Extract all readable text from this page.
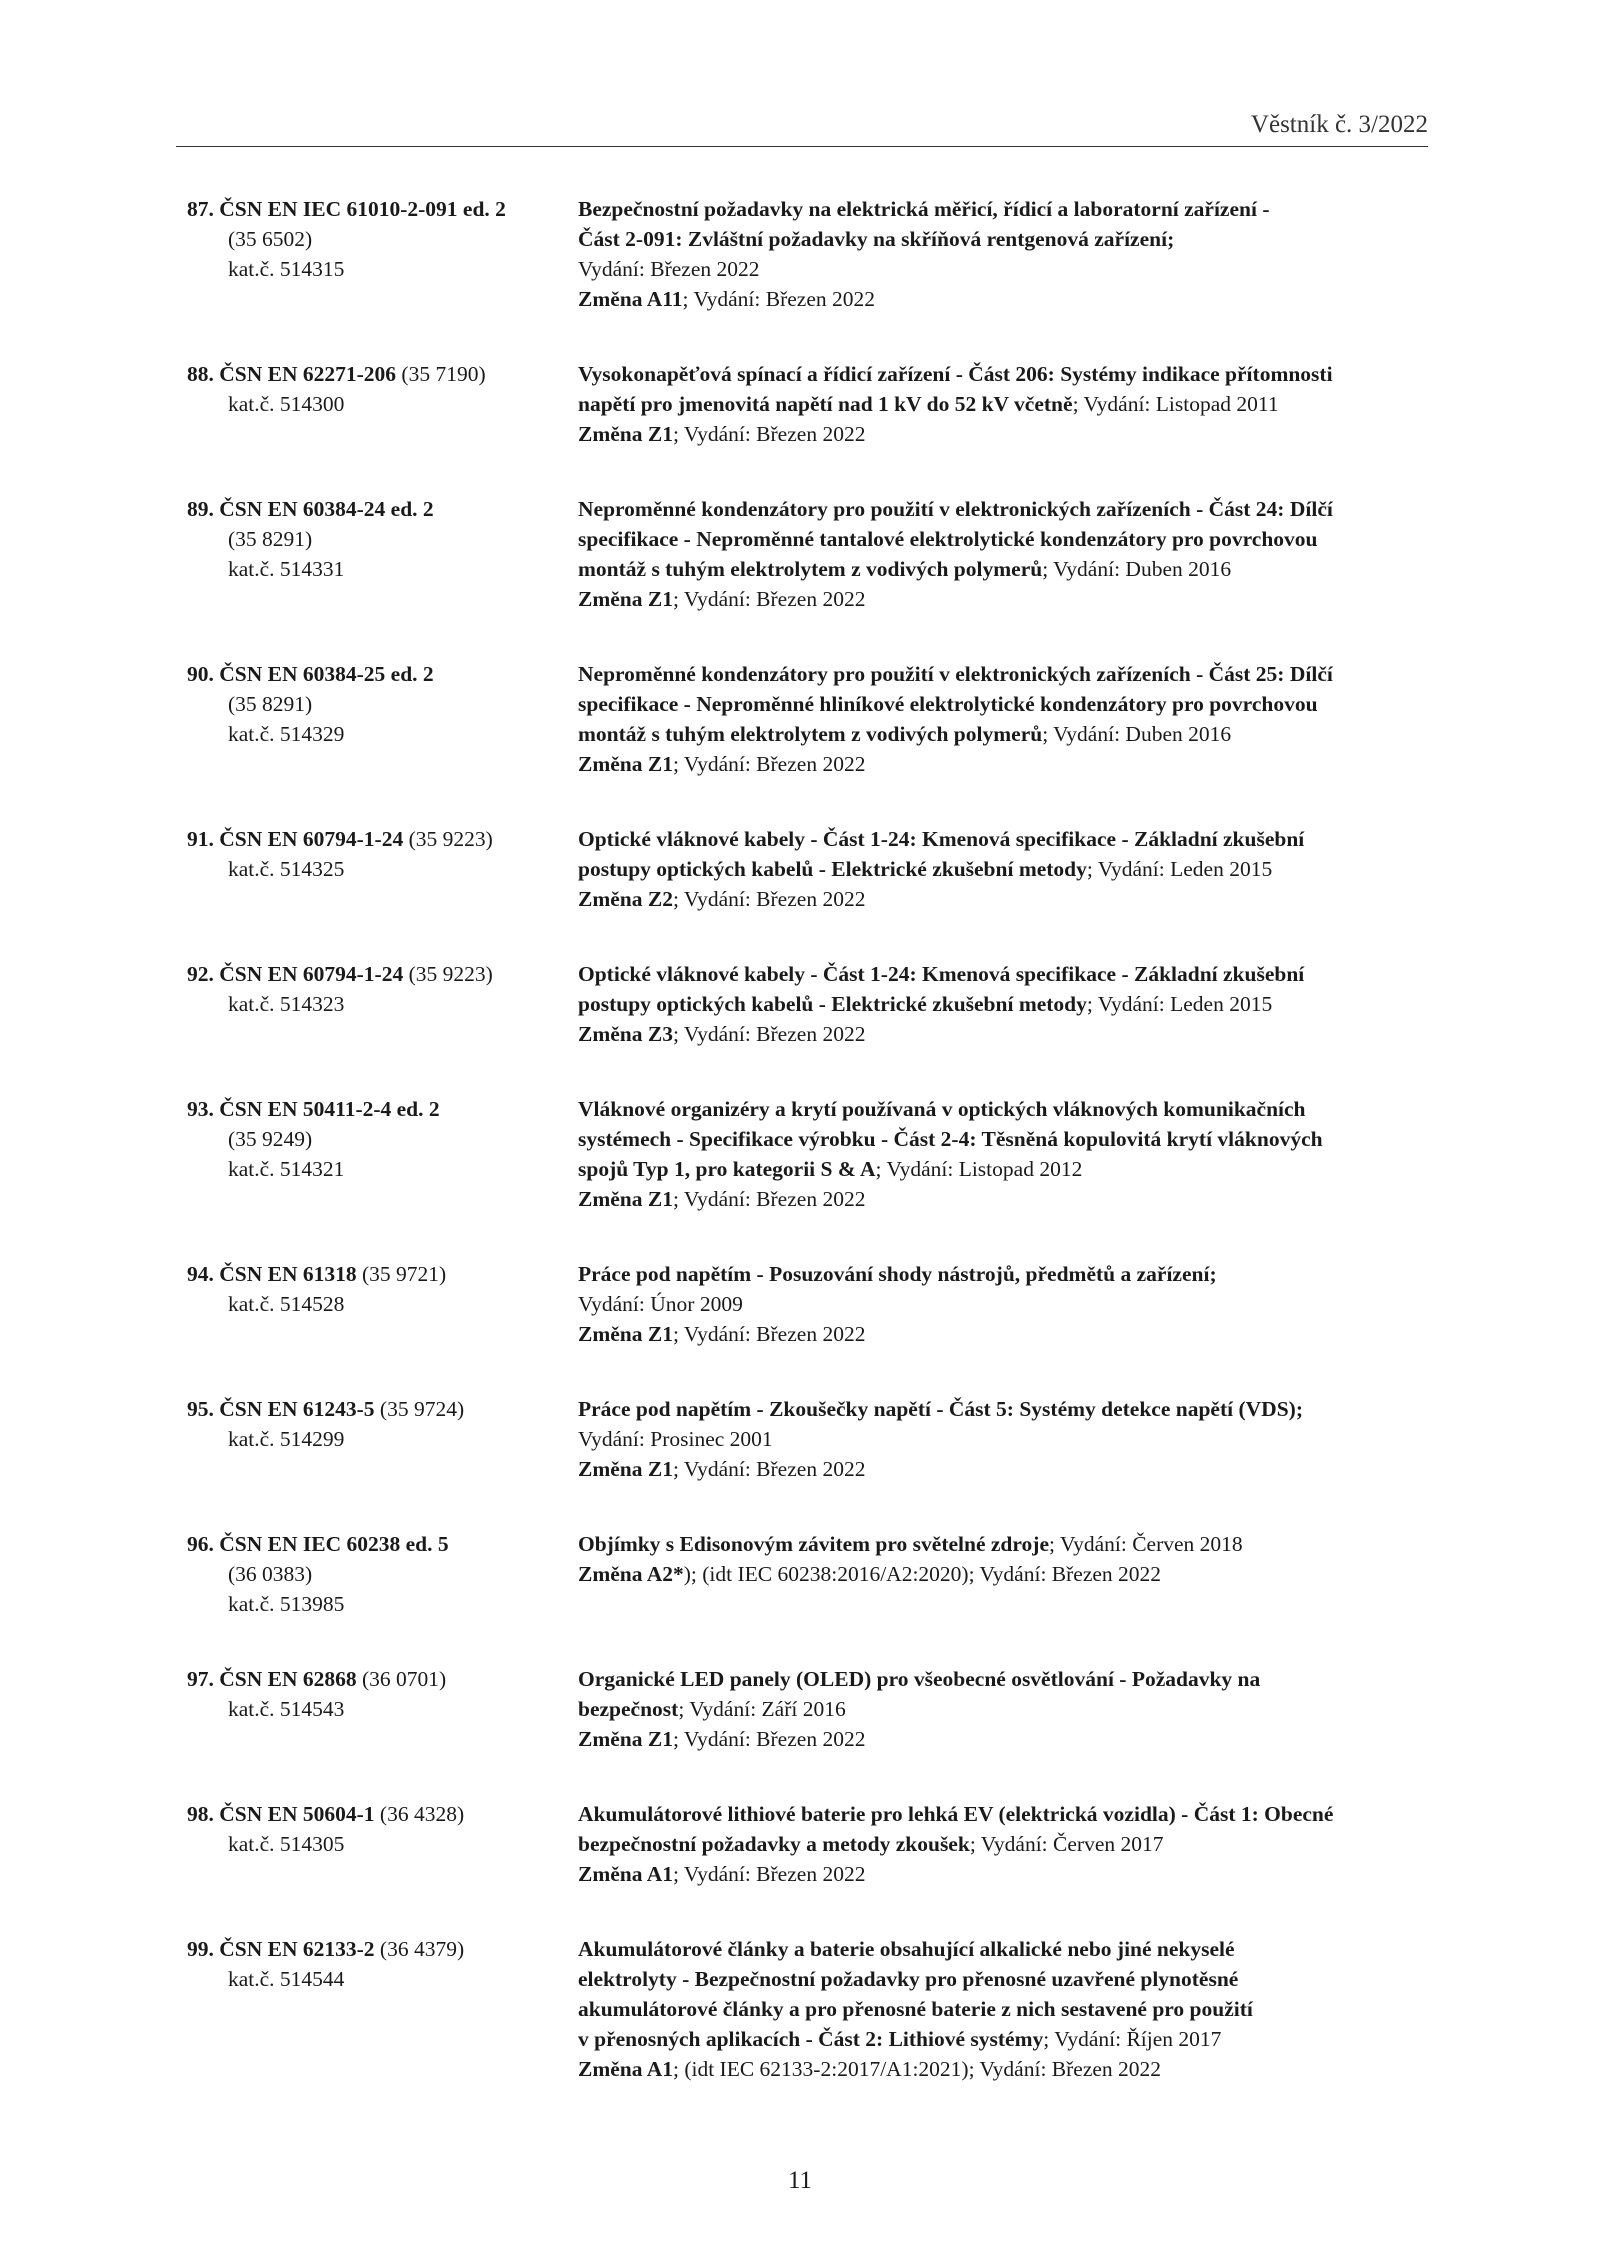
Věstník č. 3/2022
87. ČSN EN IEC 61010-2-091 ed. 2
(35 6502)
kat.č. 514315
Bezpečnostní požadavky na elektrická měřicí, řídicí a laboratorní zařízení -
Část 2-091: Zvláštní požadavky na skříňová rentgenová zařízení;
Vydání: Březen 2022
Změna A11; Vydání: Březen 2022
88. ČSN EN 62271-206 (35 7190)
kat.č. 514300
Vysokonapěťová spínací a řídicí zařízení - Část 206: Systémy indikace přítomnosti
napětí pro jmenovitá napětí nad 1 kV do 52 kV včetně; Vydání: Listopad 2011
Změna Z1; Vydání: Březen 2022
89. ČSN EN 60384-24 ed. 2
(35 8291)
kat.č. 514331
Neproměnné kondenzátory pro použití v elektronických zařízeních - Část 24: Dílčí
specifikace - Neproměnné tantalové elektrolytické kondenzátory pro povrchovou
montáž s tuhým elektrolytem z vodivých polymerů; Vydání: Duben 2016
Změna Z1; Vydání: Březen 2022
90. ČSN EN 60384-25 ed. 2
(35 8291)
kat.č. 514329
Neproměnné kondenzátory pro použití v elektronických zařízeních - Část 25: Dílčí
specifikace - Neproměnné hliníkové elektrolytické kondenzátory pro povrchovou
montáž s tuhým elektrolytem z vodivých polymerů; Vydání: Duben 2016
Změna Z1; Vydání: Březen 2022
91. ČSN EN 60794-1-24 (35 9223)
kat.č. 514325
Optické vláknové kabely - Část 1-24: Kmenová specifikace - Základní zkušební
postupy optických kabelů - Elektrické zkušební metody; Vydání: Leden 2015
Změna Z2; Vydání: Březen 2022
92. ČSN EN 60794-1-24 (35 9223)
kat.č. 514323
Optické vláknové kabely - Část 1-24: Kmenová specifikace - Základní zkušební
postupy optických kabelů - Elektrické zkušební metody; Vydání: Leden 2015
Změna Z3; Vydání: Březen 2022
93. ČSN EN 50411-2-4 ed. 2
(35 9249)
kat.č. 514321
Vláknové organizéry a krytí používaná v optických vláknových komunikačních
systémech - Specifikace výrobku - Část 2-4: Těsněná kopulovitá krytí vláknových
spojů Typ 1, pro kategorii S & A; Vydání: Listopad 2012
Změna Z1; Vydání: Březen 2022
94. ČSN EN 61318 (35 9721)
kat.č. 514528
Práce pod napětím - Posuzování shody nástrojů, předmětů a zařízení;
Vydání: Únor 2009
Změna Z1; Vydání: Březen 2022
95. ČSN EN 61243-5 (35 9724)
kat.č. 514299
Práce pod napětím - Zkoušečky napětí - Část 5: Systémy detekce napětí (VDS);
Vydání: Prosinec 2001
Změna Z1; Vydání: Březen 2022
96. ČSN EN IEC 60238 ed. 5
(36 0383)
kat.č. 513985
Objímky s Edisonovým závitem pro světelné zdroje; Vydání: Červen 2018
Změna A2*); (idt IEC 60238:2016/A2:2020); Vydání: Březen 2022
97. ČSN EN 62868 (36 0701)
kat.č. 514543
Organické LED panely (OLED) pro všeobecné osvětlování - Požadavky na
bezpečnost; Vydání: Září 2016
Změna Z1; Vydání: Březen 2022
98. ČSN EN 50604-1 (36 4328)
kat.č. 514305
Akumulátorové lithiové baterie pro lehká EV (elektrická vozidla) - Část 1: Obecné
bezpečnostní požadavky a metody zkoušek; Vydání: Červen 2017
Změna A1; Vydání: Březen 2022
99. ČSN EN 62133-2 (36 4379)
kat.č. 514544
Akumulátorové články a baterie obsahující alkalické nebo jiné nekyselé
elektrolyty - Bezpečnostní požadavky pro přenosné uzavřené plynotěsné
akumulátorové články a pro přenosné baterie z nich sestavené pro použití
v přenosných aplikacích - Část 2: Lithiové systémy; Vydání: Říjen 2017
Změna A1; (idt IEC 62133-2:2017/A1:2021); Vydání: Březen 2022
11
